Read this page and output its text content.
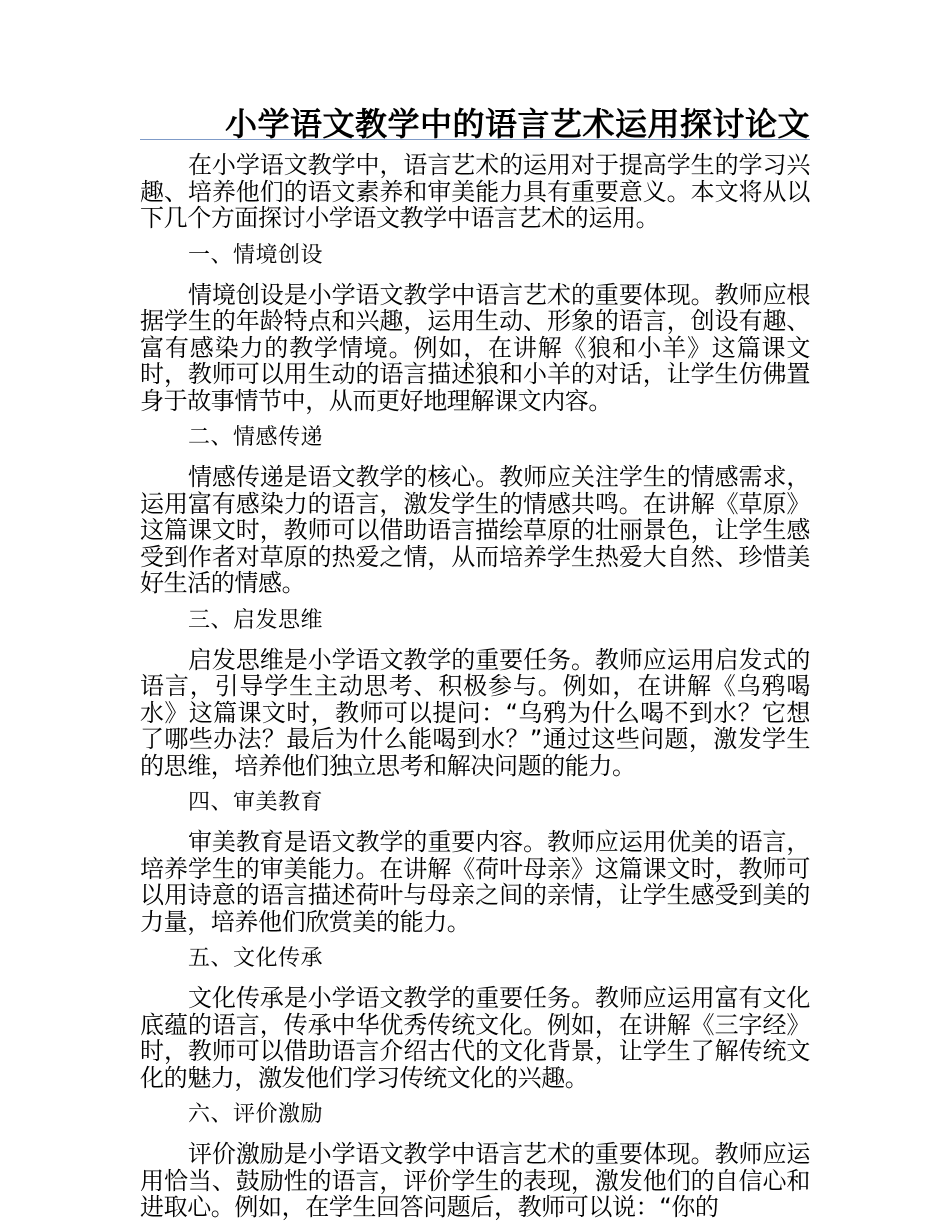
小学语文教学中的语言艺术运用探讨论文

在小学语文教学中，语言艺术的运用对于提高学生的学习兴趣、培养他们的语文素养和审美能力具有重要意义。本文将从以下几个方面探讨小学语文教学中语言艺术的运用。

一、情境创设

情境创设是小学语文教学中语言艺术的重要体现。教师应根据学生的年龄特点和兴趣，运用生动、形象的语言，创设有趣、富有感染力的教学情境。例如，在讲解《狼和小羊》这篇课文时，教师可以用生动的语言描述狼和小羊的对话，让学生仿佛置身于故事情节中，从而更好地理解课文内容。

二、情感传递

情感传递是语文教学的核心。教师应关注学生的情感需求，运用富有感染力的语言，激发学生的情感共鸣。在讲解《草原》这篇课文时，教师可以借助语言描绘草原的壮丽景色，让学生感受到作者对草原的热爱之情，从而培养学生热爱大自然、珍惜美好生活的情感。

三、启发思维

启发思维是小学语文教学的重要任务。教师应运用启发式的语言，引导学生主动思考、积极参与。例如，在讲解《乌鸦喝水》这篇课文时，教师可以提问：“乌鸦为什么喝不到水？它想了哪些办法？最后为什么能喝到水？”通过这些问题，激发学生的思维，培养他们独立思考和解决问题的能力。

四、审美教育

审美教育是语文教学的重要内容。教师应运用优美的语言，培养学生的审美能力。在讲解《荷叶母亲》这篇课文时，教师可以用诗意的语言描述荷叶与母亲之间的亲情，让学生感受到美的力量，培养他们欣赏美的能力。

五、文化传承

文化传承是小学语文教学的重要任务。教师应运用富有文化底蕴的语言，传承中华优秀传统文化。例如，在讲解《三字经》时，教师可以借助语言介绍古代的文化背景，让学生了解传统文化的魅力，激发他们学习传统文化的兴趣。

六、评价激励

评价激励是小学语文教学中语言艺术的重要体现。教师应运用恰当、鼓励性的语言，评价学生的表现，激发他们的自信心和进取心。例如，在学生回答问题后，教师可以说：“你的
